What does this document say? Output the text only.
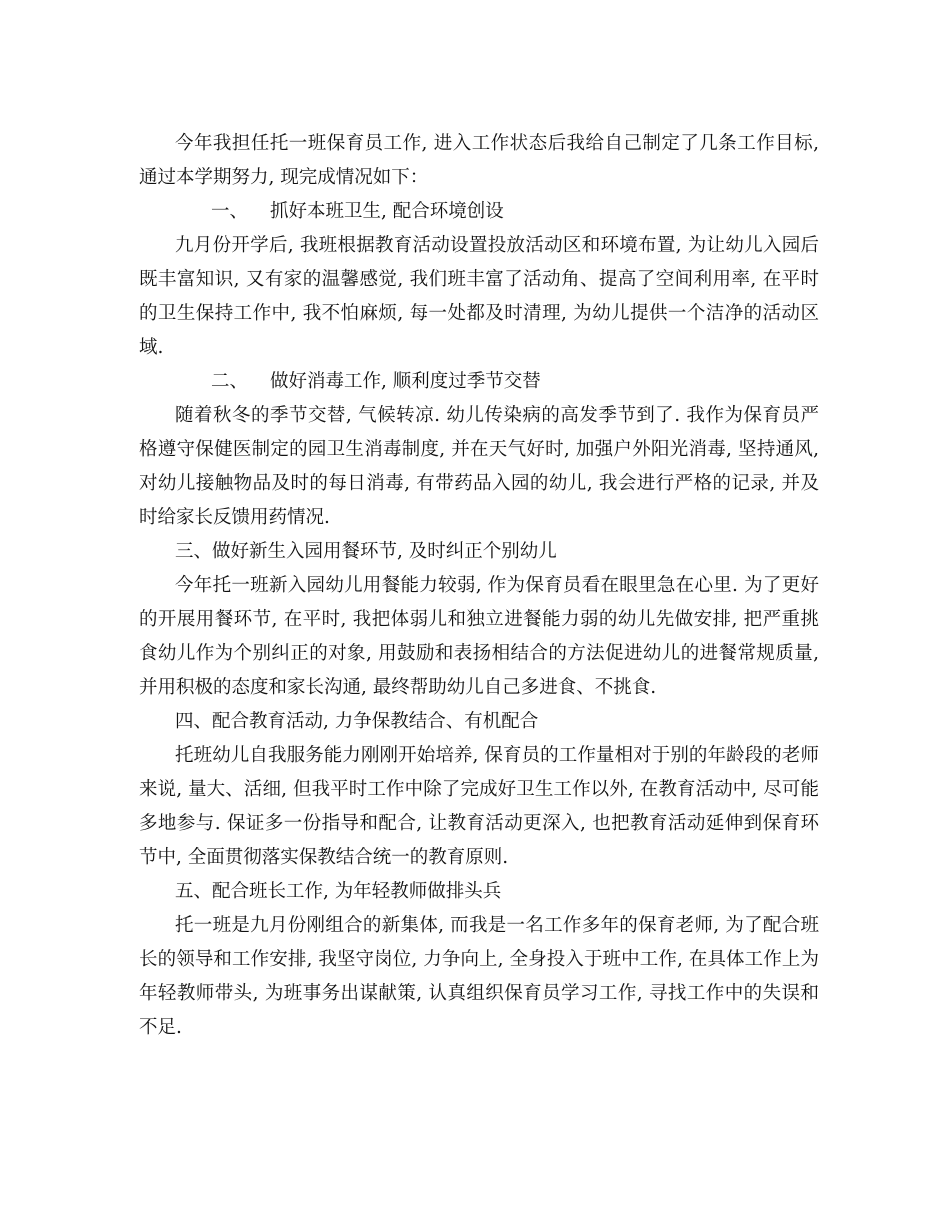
今年我担任托一班保育员工作, 进入工作状态后我给自己制定了几条工作目标, 通过本学期努力, 现完成情况如下：

一、 抓好本班卫生, 配合环境创设

九月份开学后, 我班根据教育活动设置投放活动区和环境布置, 为让幼儿入园后既丰富知识, 又有家的温馨感觉, 我们班丰富了活动角、提高了空间利用率, 在平时的卫生保持工作中, 我不怕麻烦, 每一处都及时清理, 为幼儿提供一个洁净的活动区域.

二、 做好消毒工作, 顺利度过季节交替

随着秋冬的季节交替, 气候转凉. 幼儿传染病的高发季节到了. 我作为保育员严格遵守保健医制定的园卫生消毒制度, 并在天气好时, 加强户外阳光消毒, 坚持通风, 对幼儿接触物品及时的每日消毒, 有带药品入园的幼儿, 我会进行严格的记录, 并及时给家长反馈用药情况.

三、做好新生入园用餐环节, 及时纠正个别幼儿

今年托一班新入园幼儿用餐能力较弱, 作为保育员看在眼里急在心里. 为了更好的开展用餐环节, 在平时, 我把体弱儿和独立进餐能力弱的幼儿先做安排, 把严重挑食幼儿作为个别纠正的对象, 用鼓励和表扬相结合的方法促进幼儿的进餐常规质量, 并用积极的态度和家长沟通, 最终帮助幼儿自己多进食、不挑食.

四、配合教育活动, 力争保教结合、有机配合

托班幼儿自我服务能力刚刚开始培养, 保育员的工作量相对于别的年龄段的老师来说, 量大、活细, 但我平时工作中除了完成好卫生工作以外, 在教育活动中, 尽可能多地参与. 保证多一份指导和配合, 让教育活动更深入, 也把教育活动延伸到保育环节中, 全面贯彻落实保教结合统一的教育原则.

五、配合班长工作, 为年轻教师做排头兵

托一班是九月份刚组合的新集体, 而我是一名工作多年的保育老师, 为了配合班长的领导和工作安排, 我坚守岗位, 力争向上, 全身投入于班中工作, 在具体工作上为年轻教师带头, 为班事务出谋献策, 认真组织保育员学习工作, 寻找工作中的失误和不足.
